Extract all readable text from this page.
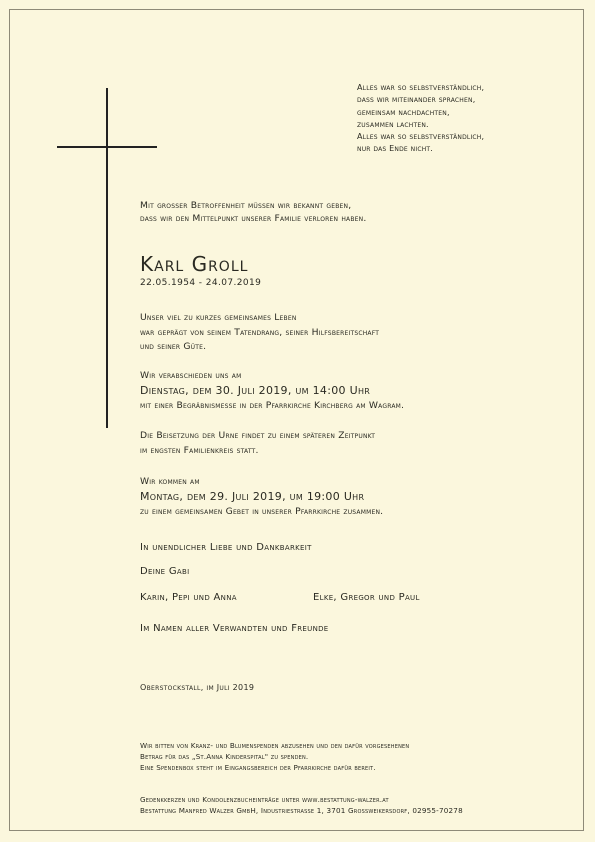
Alles war so selbstverständlich,
dass wir miteinander sprachen,
gemeinsam nachdachten,
zusammen lachten.
Alles war so selbstverständlich,
nur das Ende nicht.
Mit grosser Betroffenheit müssen wir bekannt geben,
dass wir den Mittelpunkt unserer Familie verloren haben.
Karl Groll
22.05.1954 - 24.07.2019
Unser viel zu kurzes gemeinsames Leben
war geprägt von seinem Tatendrang, seiner Hilfsbereitschaft
und seiner Güte.
Wir verabschieden uns am
Dienstag, dem 30. Juli 2019, um 14:00 Uhr
mit einer Begräbnismesse in der Pfarrkirche Kirchberg am Wagram.
Die Beisetzung der Urne findet zu einem späteren Zeitpunkt
im engsten Familienkreis statt.
Wir kommen am
Montag, dem 29. Juli 2019, um 19:00 Uhr
zu einem gemeinsamen Gebet in unserer Pfarrkirche zusammen.
In unendlicher Liebe und Dankbarkeit
Deine Gabi
Karin, Pepi und Anna	Elke, Gregor und Paul
Im Namen aller Verwandten und Freunde
Oberstockstall, im Juli 2019
Wir bitten von Kranz- und Blumenspenden abzusehen und den dafür vorgesehenen
Betrag für das „St.Anna Kinderspital" zu spenden.
Eine Spendenbox steht im Eingangsbereich der Pfarrkirche dafür bereit.
Gedenkkerzen und Kondolenzbucheinträge unter www.bestattung-walzer.at
Bestattung Manfred Walzer GmbH, Industriestrasse 1, 3701 Grossweikersdorf, 02955-70278
